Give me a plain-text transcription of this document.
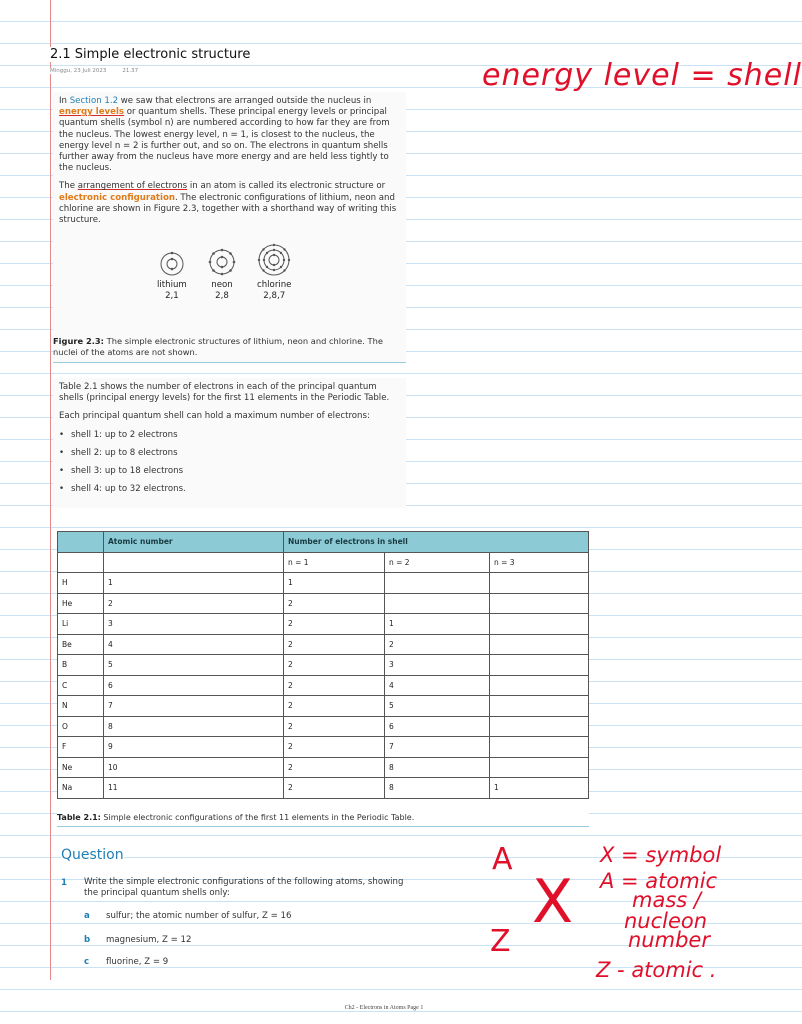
2.1 Simple electronic structure
Minggu, 23 Juli 2023	21.37	energy level = shell

In Section 1.2 we saw that electrons are arranged outside the nucleus in energy levels or quantum shells. These principal energy levels or principal quantum shells (symbol n) are numbered according to how far they are from the nucleus. The lowest energy level, n = 1, is closest to the nucleus, the energy level n = 2 is further out, and so on. The electrons in quantum shells further away from the nucleus have more energy and are held less tightly to the nucleus.

The arrangement of electrons in an atom is called its electronic structure or electronic configuration. The electronic configurations of lithium, neon and chlorine are shown in Figure 2.3, together with a shorthand way of writing this structure.

lithium
2,1
neon
2,8
chlorine
2,8,7
Figure 2.3: The simple electronic structures of lithium, neon and chlorine. The nuclei of the atoms are not shown.

Table 2.1 shows the number of electrons in each of the principal quantum shells (principal energy levels) for the first 11 elements in the Periodic Table.

Each principal quantum shell can hold a maximum number of electrons:

• shell 1: up to 2 electrons
• shell 2: up to 8 electrons
• shell 3: up to 18 electrons
• shell 4: up to 32 electrons.
	Atomic number	Number of electrons in shell		
		n = 1	n = 2	n = 3
H	1	1		
He	2	2		
Li	3	2	1	
Be	4	2	2	
B	5	2	3	
C	6	2	4	
N	7	2	5	
O	8	2	6	
F	9	2	7	
Ne	10	2	8	
Na	11	2	8	1
Table 2.1: Simple electronic configurations of the first 11 elements in the Periodic Table.
Question
1 Write the simple electronic configurations of the following atoms, showing the principal quantum shells only:
a sulfur; the atomic number of sulfur, Z = 16
b magnesium, Z = 12
c fluorine, Z = 9
A
X
Z
X = symbol
A = atomic
mass /
nucleon
number
Z - atomic .
Ch2 - Electrons in Atoms Page 1
